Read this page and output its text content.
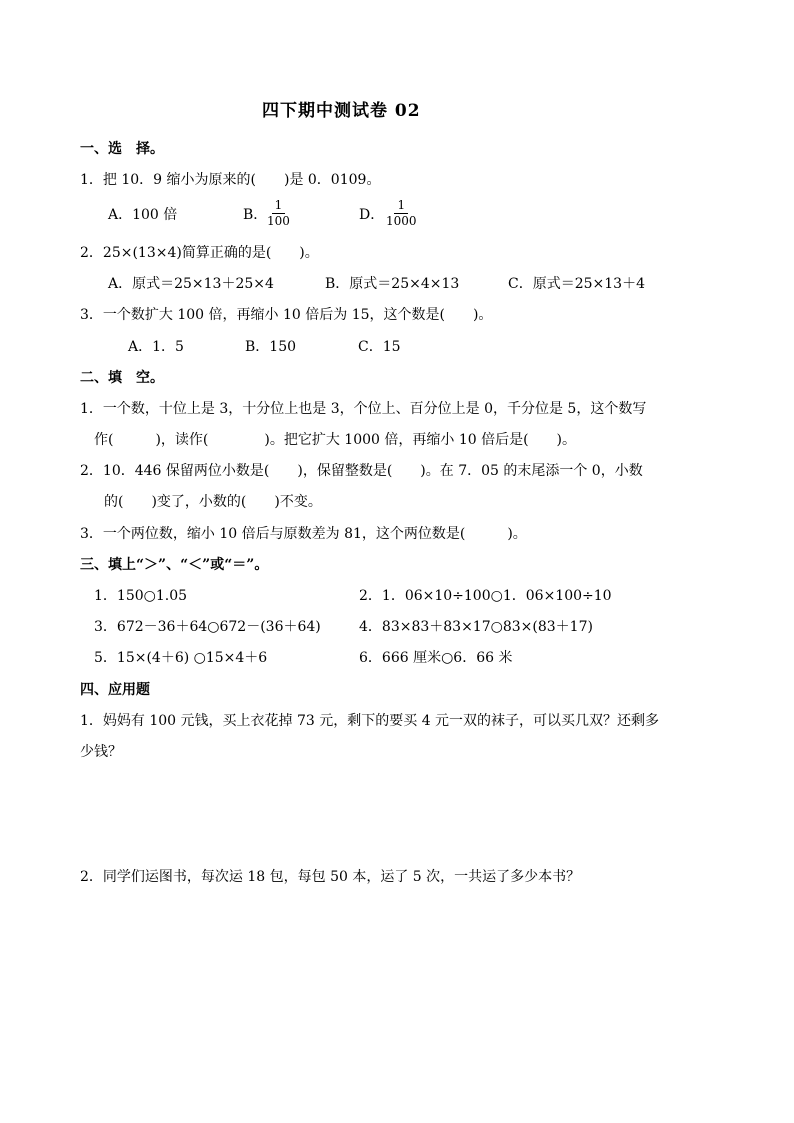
四下期中测试卷 02
一、选　择。
1．把 10．9 缩小为原来的(　　)是 0．0109。
A．100 倍	B． $\frac{1}{100}$	D． $\frac{1}{1000}$
2．25×(13×4)简算正确的是(　　)。
A．原式＝25×13＋25×4	B．原式＝25×4×13	C．原式＝25×13＋4
3．一个数扩大 100 倍，再缩小 10 倍后为 15，这个数是(　　)。
A．1．5	B．150	C．15
二、填　空。
1．一个数，十位上是 3，十分位上也是 3，个位上、百分位上是 0，千分位是 5，这个数写
作(　　　)，读作(　　　　)。把它扩大 1000 倍，再缩小 10 倍后是(　　)。
2．10．446 保留两位小数是(　　)，保留整数是(　　)。在 7．05 的末尾添一个 0，小数
的(　　)变了，小数的(　　)不变。
3．一个两位数，缩小 10 倍后与原数差为 81，这个两位数是(　　　)。
三、填上“＞”、“＜”或“＝”。
1．150○1.05	2．1．06×10÷100○1．06×100÷10
3．672－36＋64○672－(36＋64)	4．83×83＋83×17○83×(83＋17)
5．15×(4＋6) ○15×4＋6	6．666 厘米○6．66 米
四、应用题
1．妈妈有 100 元钱，买上衣花掉 73 元，剩下的要买 4 元一双的袜子，可以买几双？还剩多
少钱？
2．同学们运图书，每次运 18 包，每包 50 本，运了 5 次，一共运了多少本书？
